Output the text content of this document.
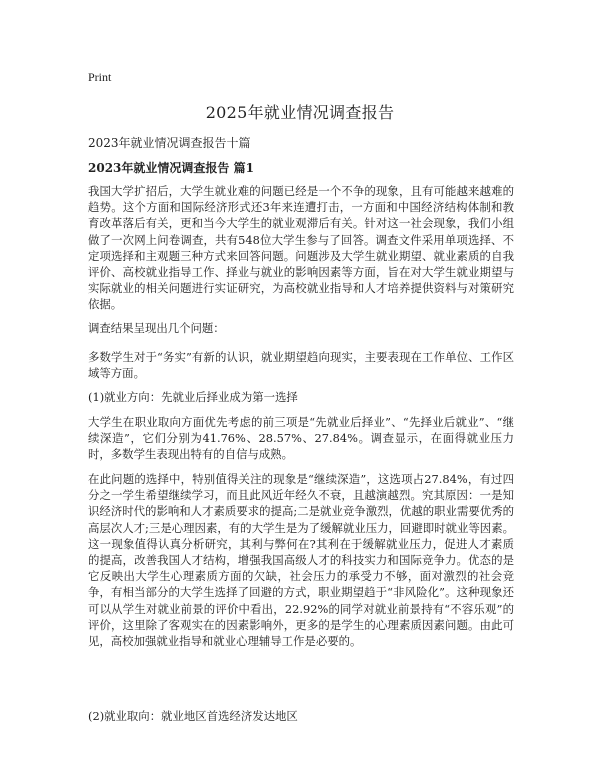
Print
2025年就业情况调查报告

2023年就业情况调查报告十篇

2023年就业情况调查报告 篇1

我国大学扩招后，大学生就业难的问题已经是一个不争的现象，且有可能越来越难的趋势。这个方面和国际经济形式还3年来连遭打击，一方面和中国经济结构体制和教育改革落后有关，更和当今大学生的就业观滞后有关。针对这一社会现象，我们小组做了一次网上问卷调查，共有548位大学生参与了回答。调查文件采用单项选择、不定项选择和主观题三种方式来回答问题。问题涉及大学生就业期望、就业素质的自我评价、高校就业指导工作、择业与就业的影响因素等方面，旨在对大学生就业期望与实际就业的相关问题进行实证研究，为高校就业指导和人才培养提供资料与对策研究依据。

调查结果呈现出几个问题：

多数学生对于“务实”有新的认识，就业期望趋向现实，主要表现在工作单位、工作区域等方面。

(1)就业方向：先就业后择业成为第一选择

大学生在职业取向方面优先考虑的前三项是“先就业后择业”、“先择业后就业”、“继续深造”，它们分别为41.76%、28.57%、27.84%。调查显示，在面得就业压力时，多数学生表现出特有的自信与成熟。

在此问题的选择中，特别值得关注的现象是“继续深造”，这选项占27.84%，有过四分之一学生希望继续学习，而且此风近年经久不衰，且越演越烈。究其原因：一是知识经济时代的影响和人才素质要求的提高;二是就业竞争激烈，优越的职业需要优秀的高层次人才;三是心理因素，有的大学生是为了缓解就业压力，回避即时就业等因素。这一现象值得认真分析研究，其利与弊何在?其利在于缓解就业压力，促进人才素质的提高，改善我国人才结构，增强我国高级人才的科技实力和国际竞争力。优态的是它反映出大学生心理素质方面的欠缺，社会压力的承受力不够，面对激烈的社会竞争，有相当部分的大学生选择了回避的方式，职业期望趋于“非风险化”。这种现象还可以从学生对就业前景的评价中看出，22.92%的同学对就业前景持有“不容乐观”的评价，这里除了客观实在的因素影响外，更多的是学生的心理素质因素问题。由此可见，高校加强就业指导和就业心理辅导工作是必要的。

(2)就业取向：就业地区首选经济发达地区
